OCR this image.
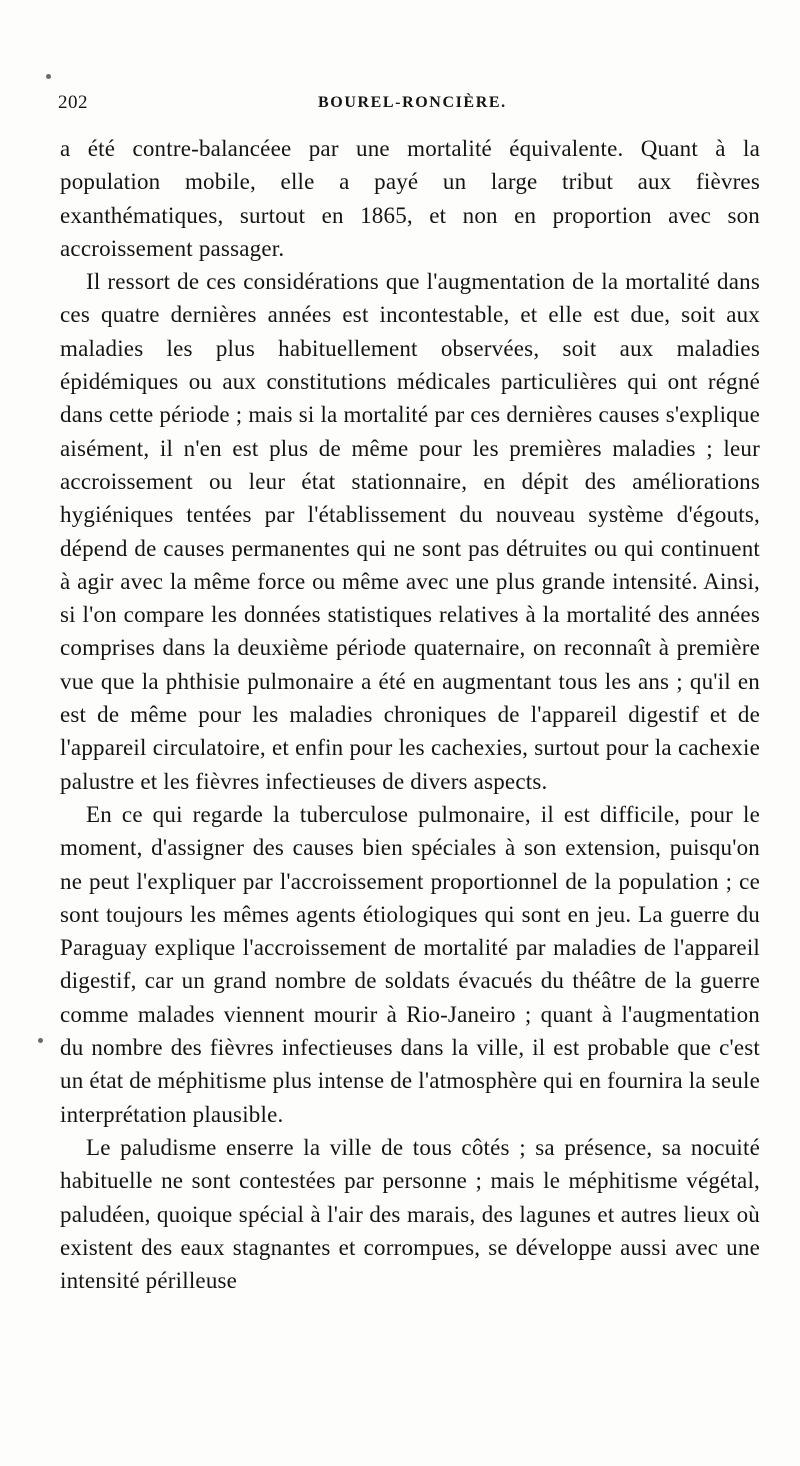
202	BOUREL-RONCIÈRE.

a été contre-balancéee par une mortalité équivalente. Quant à la population mobile, elle a payé un large tribut aux fièvres exanthématiques, surtout en 1865, et non en proportion avec son accroissement passager.

Il ressort de ces considérations que l'augmentation de la mortalité dans ces quatre dernières années est incontestable, et elle est due, soit aux maladies les plus habituellement observées, soit aux maladies épidémiques ou aux constitutions médicales particulières qui ont régné dans cette période ; mais si la mortalité par ces dernières causes s'explique aisément, il n'en est plus de même pour les premières maladies ; leur accroissement ou leur état stationnaire, en dépit des améliorations hygiéniques tentées par l'établissement du nouveau système d'égouts, dépend de causes permanentes qui ne sont pas détruites ou qui continuent à agir avec la même force ou même avec une plus grande intensité. Ainsi, si l'on compare les données statistiques relatives à la mortalité des années comprises dans la deuxième période quaternaire, on reconnaît à première vue que la phthisie pulmonaire a été en augmentant tous les ans ; qu'il en est de même pour les maladies chroniques de l'appareil digestif et de l'appareil circulatoire, et enfin pour les cachexies, surtout pour la cachexie palustre et les fièvres infectieuses de divers aspects.

En ce qui regarde la tuberculose pulmonaire, il est difficile, pour le moment, d'assigner des causes bien spéciales à son extension, puisqu'on ne peut l'expliquer par l'accroissement proportionnel de la population ; ce sont toujours les mêmes agents étiologiques qui sont en jeu. La guerre du Paraguay explique l'accroissement de mortalité par maladies de l'appareil digestif, car un grand nombre de soldats évacués du théâtre de la guerre comme malades viennent mourir à Rio-Janeiro ; quant à l'augmentation du nombre des fièvres infectieuses dans la ville, il est probable que c'est un état de méphitisme plus intense de l'atmosphère qui en fournira la seule interprétation plausible.

Le paludisme enserre la ville de tous côtés ; sa présence, sa nocuité habituelle ne sont contestées par personne ; mais le méphitisme végétal, paludéen, quoique spécial à l'air des marais, des lagunes et autres lieux où existent des eaux stagnantes et corrompues, se développe aussi avec une intensité périlleuse
